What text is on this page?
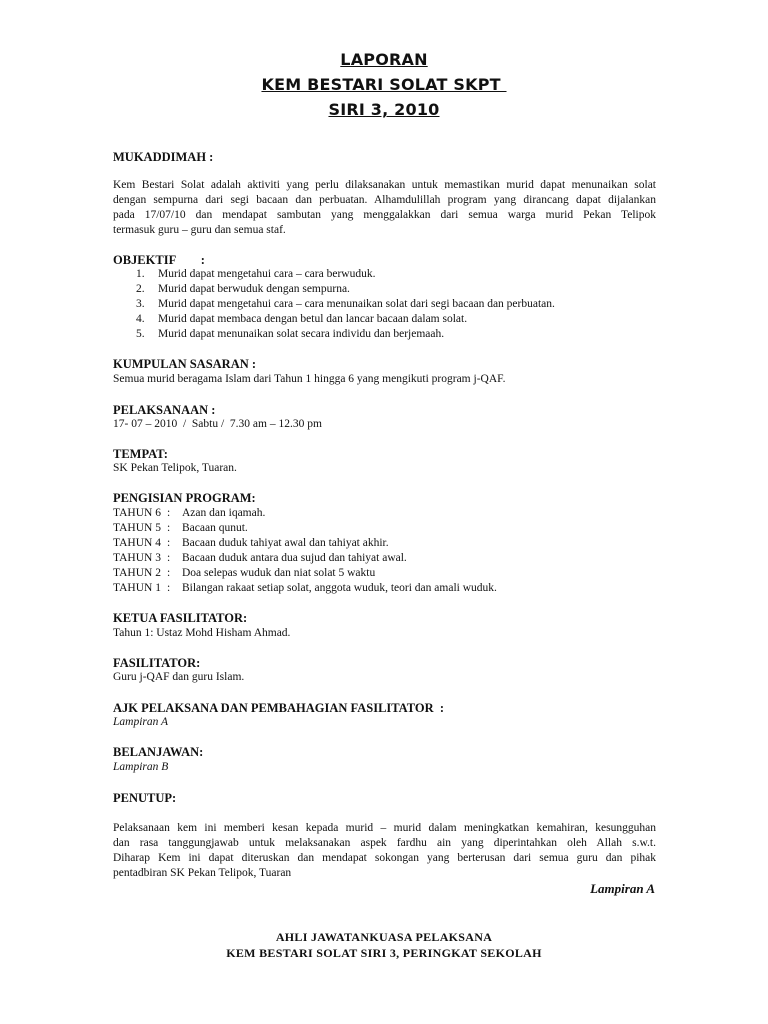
LAPORAN
KEM BESTARI SOLAT SKPT
SIRI 3, 2010
MUKADDIMAH :
Kem Bestari Solat adalah aktiviti yang perlu dilaksanakan untuk memastikan murid dapat menunaikan solat
dengan sempurna dari segi bacaan dan perbuatan. Alhamdulillah program yang dirancang dapat dijalankan
pada 17/07/10 dan mendapat sambutan yang menggalakkan dari semua warga murid Pekan Telipok
termasuk guru – guru dan semua staf.
OBJEKTIF        :
1. Murid dapat mengetahui cara – cara berwuduk.
2. Murid dapat berwuduk dengan sempurna.
3. Murid dapat mengetahui cara – cara menunaikan solat dari segi bacaan dan perbuatan.
4. Murid dapat membaca dengan betul dan lancar bacaan dalam solat.
5. Murid dapat menunaikan solat secara individu dan berjemaah.
KUMPULAN SASARAN :
Semua murid beragama Islam dari Tahun 1 hingga 6 yang mengikuti program j-QAF.
PELAKSANAAN :
17- 07 – 2010  /  Sabtu /  7.30 am – 12.30 pm
TEMPAT:
SK Pekan Telipok, Tuaran.
PENGISIAN PROGRAM:
TAHUN 6 : Azan dan iqamah.
TAHUN 5 : Bacaan qunut.
TAHUN 4 : Bacaan duduk tahiyat awal dan tahiyat akhir.
TAHUN 3 : Bacaan duduk antara dua sujud dan tahiyat awal.
TAHUN 2 : Doa selepas wuduk dan niat solat 5 waktu
TAHUN 1 : Bilangan rakaat setiap solat, anggota wuduk, teori dan amali wuduk.
KETUA FASILITATOR:
Tahun 1: Ustaz Mohd Hisham Ahmad.
FASILITATOR:
Guru j-QAF dan guru Islam.
AJK PELAKSANA DAN PEMBAHAGIAN FASILITATOR  :
Lampiran A
BELANJAWAN:
Lampiran B
PENUTUP:
Pelaksanaan kem ini memberi kesan kepada murid – murid dalam meningkatkan kemahiran, kesungguhan
dan rasa tanggungjawab untuk melaksanakan aspek fardhu ain yang diperintahkan oleh Allah s.w.t.
Diharap Kem ini dapat diteruskan dan mendapat sokongan yang berterusan dari semua guru dan pihak
pentadbiran SK Pekan Telipok, Tuaran
Lampiran A
AHLI JAWATANKUASA PELAKSANA
KEM BESTARI SOLAT SIRI 3, PERINGKAT SEKOLAH
